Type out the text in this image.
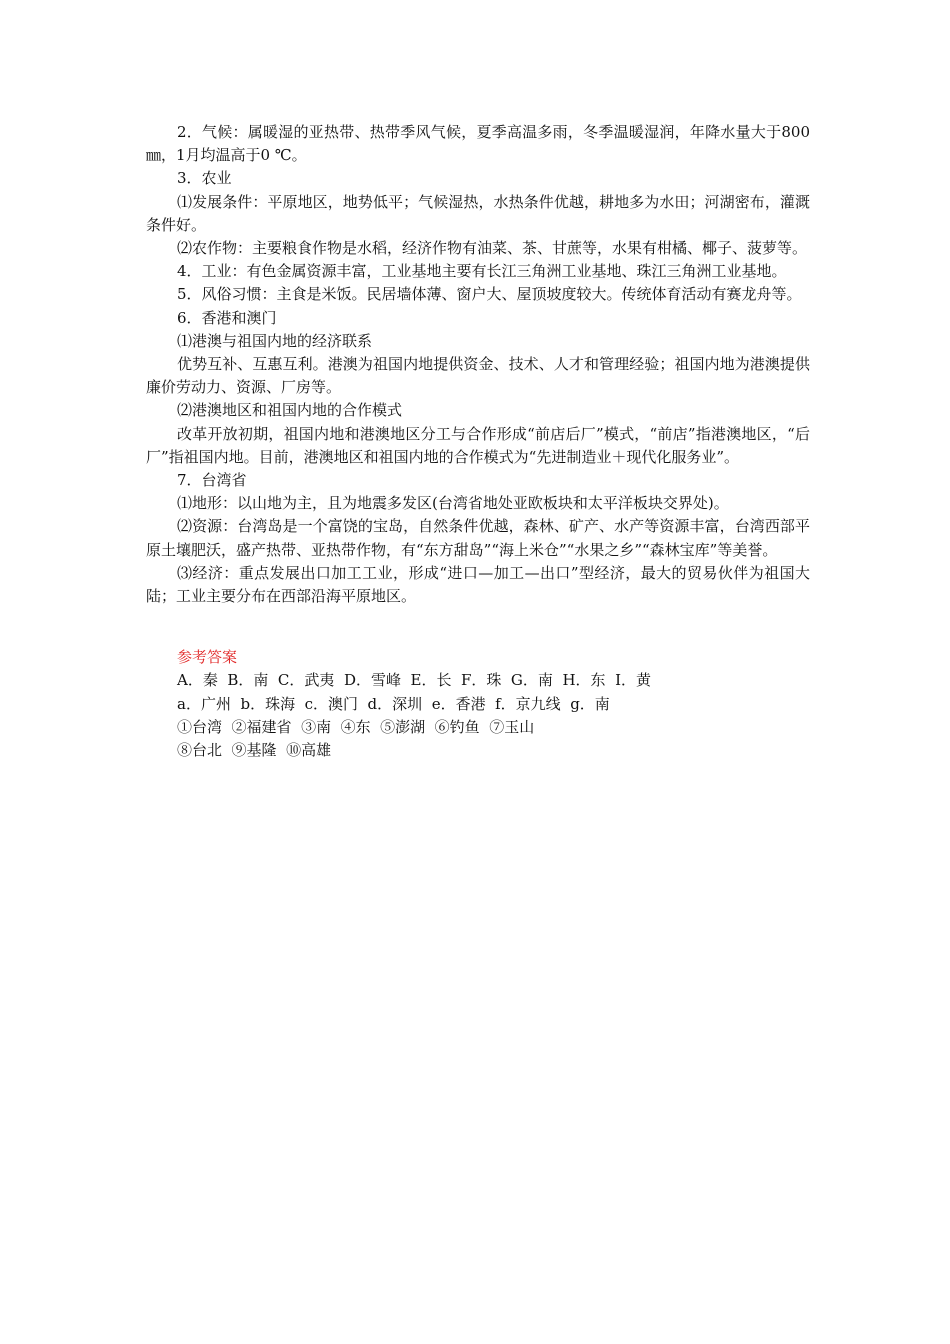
2．气候：属暖湿的亚热带、热带季风气候，夏季高温多雨，冬季温暖湿润，年降水量大于800 ㎜，1月均温高于0 ℃。

3．农业

⑴发展条件：平原地区，地势低平；气候湿热，水热条件优越，耕地多为水田；河湖密布，灌溉条件好。

⑵农作物：主要粮食作物是水稻，经济作物有油菜、茶、甘蔗等，水果有柑橘、椰子、菠萝等。

4．工业：有色金属资源丰富，工业基地主要有长江三角洲工业基地、珠江三角洲工业基地。

5．风俗习惯：主食是米饭。民居墙体薄、窗户大、屋顶坡度较大。传统体育活动有赛龙舟等。

6．香港和澳门

⑴港澳与祖国内地的经济联系

优势互补、互惠互利。港澳为祖国内地提供资金、技术、人才和管理经验；祖国内地为港澳提供廉价劳动力、资源、厂房等。

⑵港澳地区和祖国内地的合作模式

改革开放初期，祖国内地和港澳地区分工与合作形成“前店后厂”模式，“前店”指港澳地区，“后厂”指祖国内地。目前，港澳地区和祖国内地的合作模式为“先进制造业＋现代化服务业”。

7．台湾省

⑴地形：以山地为主，且为地震多发区(台湾省地处亚欧板块和太平洋板块交界处)。

⑵资源：台湾岛是一个富饶的宝岛，自然条件优越，森林、矿产、水产等资源丰富，台湾西部平原土壤肥沃，盛产热带、亚热带作物，有“东方甜岛”“海上米仓”“水果之乡”“森林宝库”等美誉。

⑶经济：重点发展出口加工工业，形成“进口—加工—出口”型经济，最大的贸易伙伴为祖国大陆；工业主要分布在西部沿海平原地区。

参考答案

A．秦  B．南  C．武夷  D．雪峰  E．长  F．珠  G．南  H．东  I．黄

a．广州  b．珠海  c．澳门  d．深圳  e．香港  f．京九线  g．南

①台湾  ②福建省  ③南  ④东  ⑤澎湖  ⑥钓鱼  ⑦玉山

⑧台北  ⑨基隆  ⑩高雄
